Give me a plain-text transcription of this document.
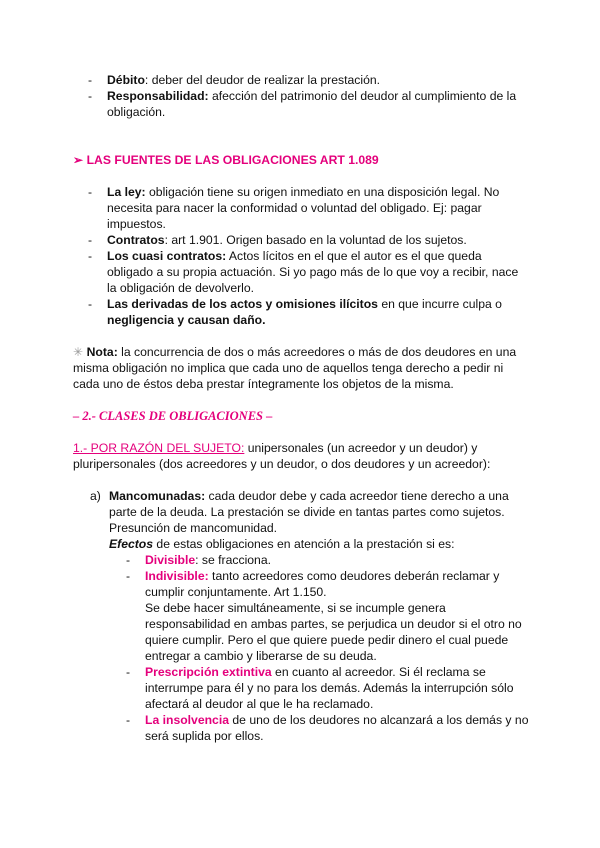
- Débito: deber del deudor de realizar la prestación.
- Responsabilidad: afección del patrimonio del deudor al cumplimiento de la
obligación.
➢ LAS FUENTES DE LAS OBLIGACIONES ART 1.089
- La ley: obligación tiene su origen inmediato en una disposición legal. No
necesita para nacer la conformidad o voluntad del obligado. Ej: pagar
impuestos.
- Contratos: art 1.901. Origen basado en la voluntad de los sujetos.
- Los cuasi contratos: Actos lícitos en el que el autor es el que queda
obligado a su propia actuación. Si yo pago más de lo que voy a recibir, nace
la obligación de devolverlo.
- Las derivadas de los actos y omisiones ilícitos en que incurre culpa o
negligencia y causan daño.
✳ Nota: la concurrencia de dos o más acreedores o más de dos deudores en una
misma obligación no implica que cada uno de aquellos tenga derecho a pedir ni
cada uno de éstos deba prestar íntegramente los objetos de la misma.
– 2.- CLASES DE OBLIGACIONES –
1.- POR RAZÓN DEL SUJETO: unipersonales (un acreedor y un deudor) y
pluripersonales (dos acreedores y un deudor, o dos deudores y un acreedor):
a) Mancomunadas: cada deudor debe y cada acreedor tiene derecho a una
parte de la deuda. La prestación se divide en tantas partes como sujetos.
Presunción de mancomunidad.
Efectos de estas obligaciones en atención a la prestación si es:
- Divisible: se fracciona.
- Indivisible: tanto acreedores como deudores deberán reclamar y
cumplir conjuntamente. Art 1.150.
Se debe hacer simultáneamente, si se incumple genera
responsabilidad en ambas partes, se perjudica un deudor si el otro no
quiere cumplir. Pero el que quiere puede pedir dinero el cual puede
entregar a cambio y liberarse de su deuda.
- Prescripción extintiva en cuanto al acreedor. Si él reclama se
interrumpe para él y no para los demás. Además la interrupción sólo
afectará al deudor al que le ha reclamado.
- La insolvencia de uno de los deudores no alcanzará a los demás y no
será suplida por ellos.
